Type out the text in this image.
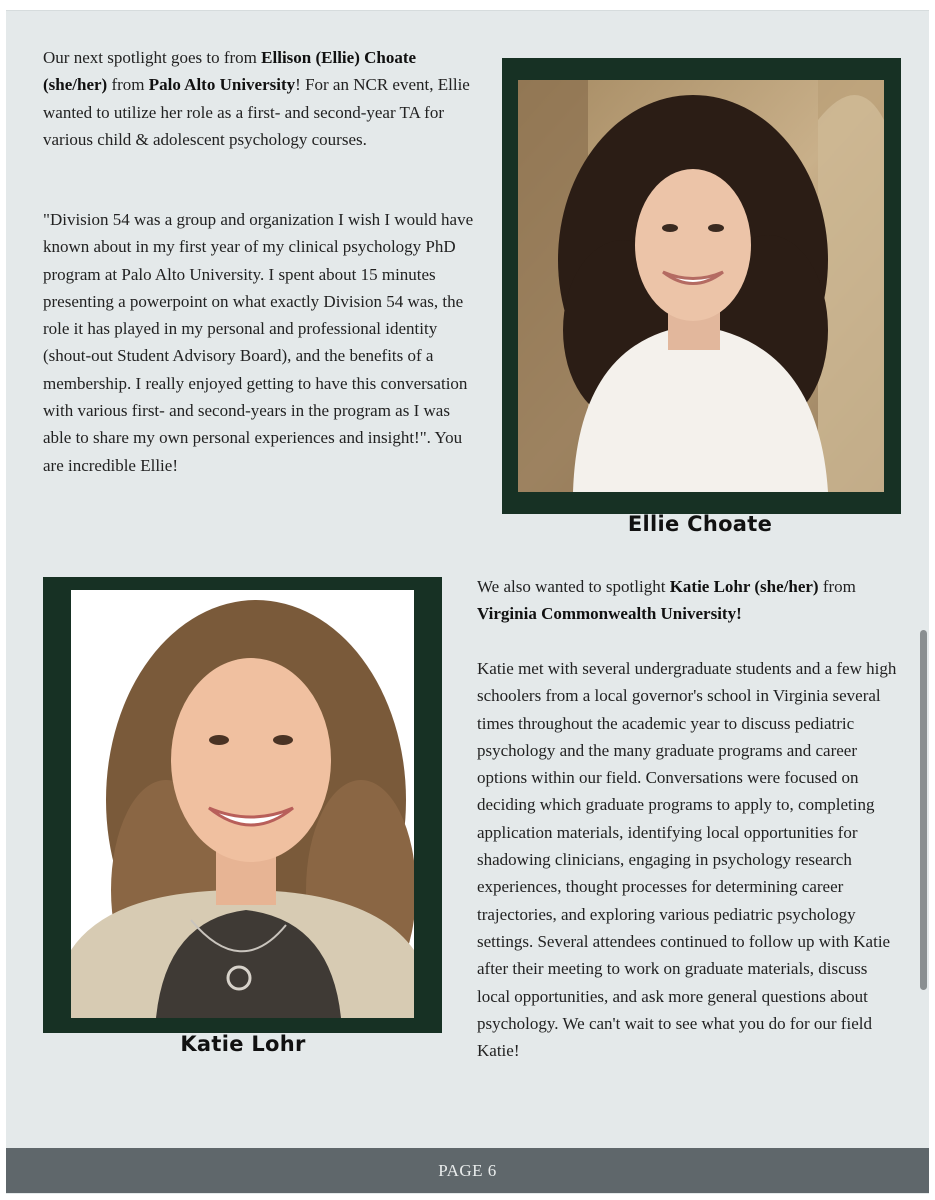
Our next spotlight goes to from Ellison (Ellie) Choate (she/her) from Palo Alto University! For an NCR event, Ellie wanted to utilize her role as a first- and second-year TA for various child & adolescent psychology courses.

"Division 54 was a group and organization I wish I would have known about in my first year of my clinical psychology PhD program at Palo Alto University. I spent about 15 minutes presenting a powerpoint on what exactly Division 54 was, the role it has played in my personal and professional identity (shout-out Student Advisory Board), and the benefits of a membership. I really enjoyed getting to have this conversation with various first- and second-years in the program as I was able to share my own personal experiences and insight!". You are incredible Ellie!

Ellie Choate
Katie Lohr

We also wanted to spotlight Katie Lohr (she/her) from Virginia Commonwealth University!

Katie met with several undergraduate students and a few high schoolers from a local governor's school in Virginia several times throughout the academic year to discuss pediatric psychology and the many graduate programs and career options within our field. Conversations were focused on deciding which graduate programs to apply to, completing application materials, identifying local opportunities for shadowing clinicians, engaging in psychology research experiences, thought processes for determining career trajectories, and exploring various pediatric psychology settings. Several attendees continued to follow up with Katie after their meeting to work on graduate materials, discuss local opportunities, and ask more general questions about psychology. We can't wait to see what you do for our field Katie!

PAGE 6
